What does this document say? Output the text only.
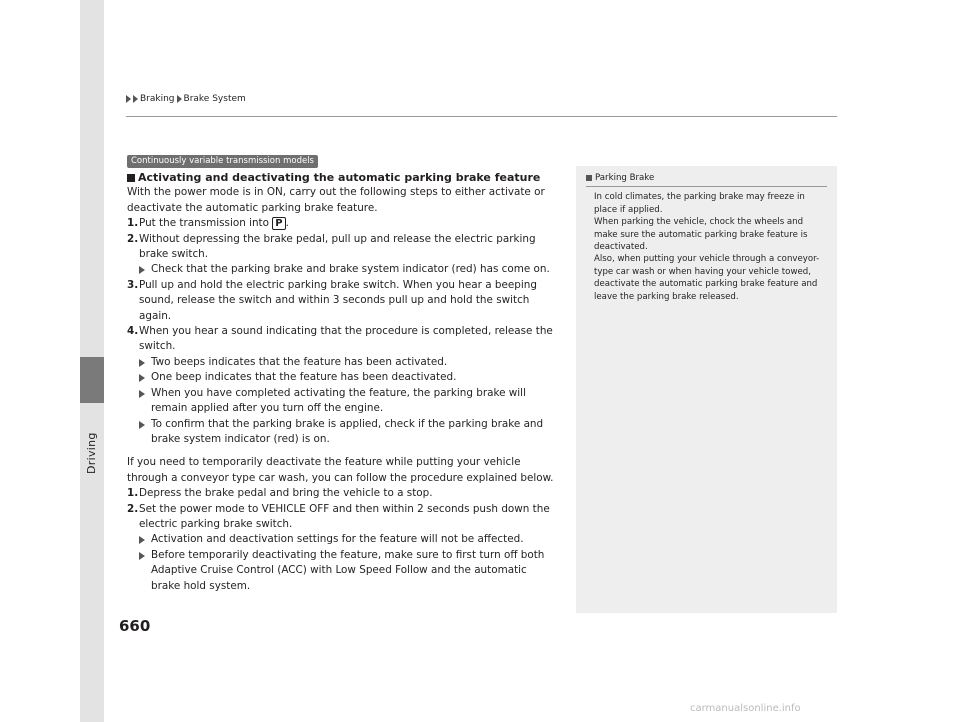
Driving
Braking Brake System
Continuously variable transmission models
Activating and deactivating the automatic parking brake feature

With the power mode is in ON, carry out the following steps to either activate or deactivate the automatic parking brake feature.

1. Put the transmission into P .
2. Without depressing the brake pedal, pull up and release the electric parking brake switch.
Check that the parking brake and brake system indicator (red) has come on.
3. Pull up and hold the electric parking brake switch. When you hear a beeping sound, release the switch and within 3 seconds pull up and hold the switch again.
4. When you hear a sound indicating that the procedure is completed, release the switch.
Two beeps indicates that the feature has been activated.
One beep indicates that the feature has been deactivated.
When you have completed activating the feature, the parking brake will remain applied after you turn off the engine.
To confirm that the parking brake is applied, check if the parking brake and brake system indicator (red) is on.

If you need to temporarily deactivate the feature while putting your vehicle through a conveyor type car wash, you can follow the procedure explained below.

1. Depress the brake pedal and bring the vehicle to a stop.
2. Set the power mode to VEHICLE OFF and then within 2 seconds push down the electric parking brake switch.
Activation and deactivation settings for the feature will not be affected.
Before temporarily deactivating the feature, make sure to first turn off both Adaptive Cruise Control (ACC) with Low Speed Follow and the automatic brake hold system.
Parking Brake
In cold climates, the parking brake may freeze in place if applied.
When parking the vehicle, chock the wheels and make sure the automatic parking brake feature is deactivated.
Also, when putting your vehicle through a conveyor-type car wash or when having your vehicle towed, deactivate the automatic parking brake feature and leave the parking brake released.
660
carmanualsonline.info
